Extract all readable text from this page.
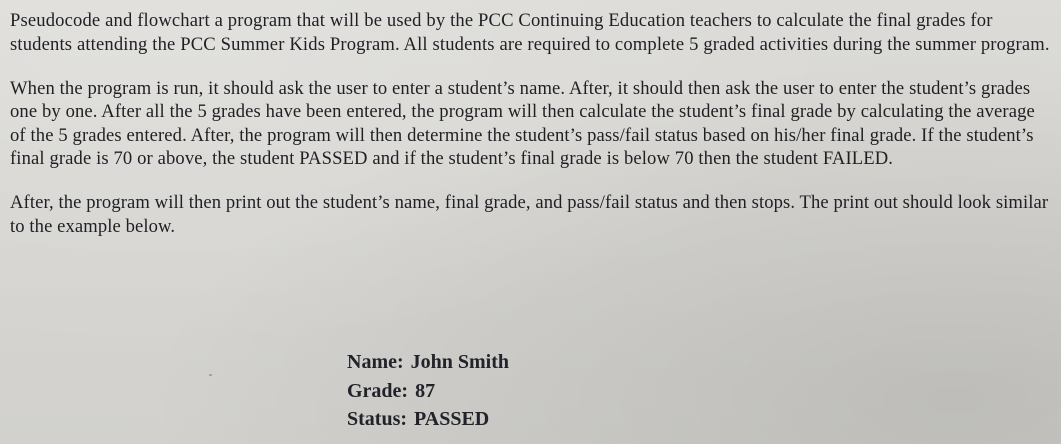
Pseudocode and flowchart a program that will be used by the PCC Continuing Education teachers to calculate the final grades for students attending the PCC Summer Kids Program. All students are required to complete 5 graded activities during the summer program.

When the program is run, it should ask the user to enter a student’s name. After, it should then ask the user to enter the student’s grades one by one. After all the 5 grades have been entered, the program will then calculate the student’s final grade by calculating the average of the 5 grades entered. After, the program will then determine the student’s pass/fail status based on his/her final grade. If the student’s final grade is 70 or above, the student PASSED and if the student’s final grade is below 70 then the student FAILED.

After, the program will then print out the student’s name, final grade, and pass/fail status and then stops. The print out should look similar to the example below.

Name: John Smith
Grade: 87
Status: PASSED
